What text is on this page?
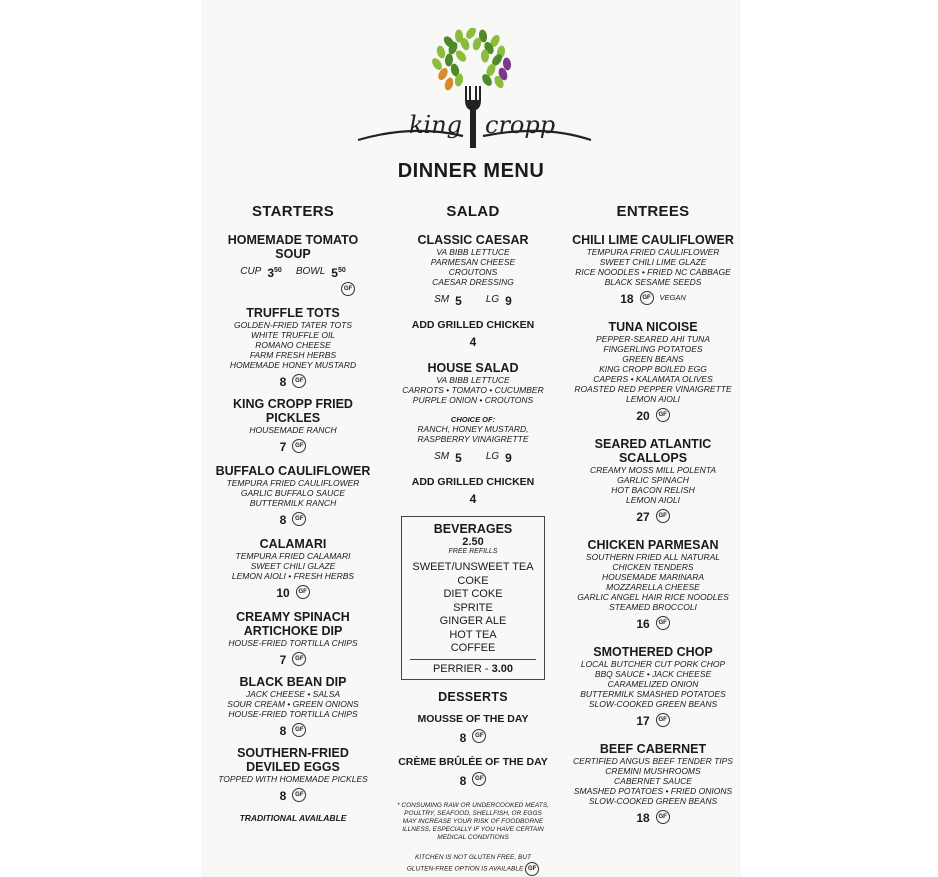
king cropp
DINNER MENU
STARTERS
HOMEMADE TOMATO SOUP
CUP $3^{50}$ BOWL $5^{50}$
GF
TRUFFLE TOTS
GOLDEN-FRIED TATER TOTS
WHITE TRUFFLE OIL
ROMANO CHEESE
FARM FRESH HERBS
HOMEMADE HONEY MUSTARD
8	GF
KING CROPP FRIED PICKLES
HOUSEMADE RANCH
7	GF
BUFFALO CAULIFLOWER
TEMPURA FRIED CAULIFLOWER
GARLIC BUFFALO SAUCE
BUTTERMILK RANCH
8	GF
CALAMARI
TEMPURA FRIED CALAMARI
SWEET CHILI GLAZE
LEMON AIOLI • FRESH HERBS
10	GF
CREAMY SPINACH ARTICHOKE DIP
HOUSE-FRIED TORTILLA CHIPS
7	GF
BLACK BEAN DIP
JACK CHEESE • SALSA
SOUR CREAM • GREEN ONIONS
HOUSE-FRIED TORTILLA CHIPS
8	GF
SOUTHERN-FRIED DEVILED EGGS
TOPPED WITH HOMEMADE PICKLES
8	GF
TRADITIONAL AVAILABLE
SALAD
CLASSIC CAESAR
VA BIBB LETTUCE
PARMESAN CHEESE
CROUTONS
CAESAR DRESSING
SM 5 LG 9
ADD GRILLED CHICKEN
4
HOUSE SALAD
VA BIBB LETTUCE
CARROTS • TOMATO • CUCUMBER
PURPLE ONION • CROUTONS
CHOICE OF:
RANCH, HONEY MUSTARD,
RASPBERRY VINAIGRETTE
SM 5 LG 9
ADD GRILLED CHICKEN
4
BEVERAGES
2.50
FREE REFILLS
SWEET/UNSWEET TEA
COKE
DIET COKE
SPRITE
GINGER ALE
HOT TEA
COFFEE
PERRIER - 3.00
DESSERTS
MOUSSE OF THE DAY
8	GF
CRÈME BRÛLÉE OF THE DAY
8	GF
* CONSUMING RAW OR UNDERCOOKED MEATS, POULTRY, SEAFOOD, SHELLFISH, OR EGGS MAY INCREASE YOUR RISK OF FOODBORNE ILLNESS, ESPECIALLY IF YOU HAVE CERTAIN MEDICAL CONDITIONS
KITCHEN IS NOT GLUTEN FREE, BUT
GLUTEN-FREE OPTION IS AVAILABLE GF
ENTREES
CHILI LIME CAULIFLOWER
TEMPURA FRIED CAULIFLOWER
SWEET CHILI LIME GLAZE
RICE NOODLES • FRIED NC CABBAGE
BLACK SESAME SEEDS
18	GF	VEGAN
TUNA NICOISE
PEPPER-SEARED AHI TUNA
FINGERLING POTATOES
GREEN BEANS
KING CROPP BOILED EGG
CAPERS • KALAMATA OLIVES
ROASTED RED PEPPER VINAIGRETTE
LEMON AIOLI
20	GF
SEARED ATLANTIC SCALLOPS
CREAMY MOSS MILL POLENTA
GARLIC SPINACH
HOT BACON RELISH
LEMON AIOLI
27	GF
CHICKEN PARMESAN
SOUTHERN FRIED ALL NATURAL
CHICKEN TENDERS
HOUSEMADE MARINARA
MOZZARELLA CHEESE
GARLIC ANGEL HAIR RICE NOODLES
STEAMED BROCCOLI
16	GF
SMOTHERED CHOP
LOCAL BUTCHER CUT PORK CHOP
BBQ SAUCE • JACK CHEESE
CARAMELIZED ONION
BUTTERMILK SMASHED POTATOES
SLOW-COOKED GREEN BEANS
17	GF
BEEF CABERNET
CERTIFIED ANGUS BEEF TENDER TIPS
CREMINI MUSHROOMS
CABERNET SAUCE
SMASHED POTATOES • FRIED ONIONS
SLOW-COOKED GREEN BEANS
18	GF
